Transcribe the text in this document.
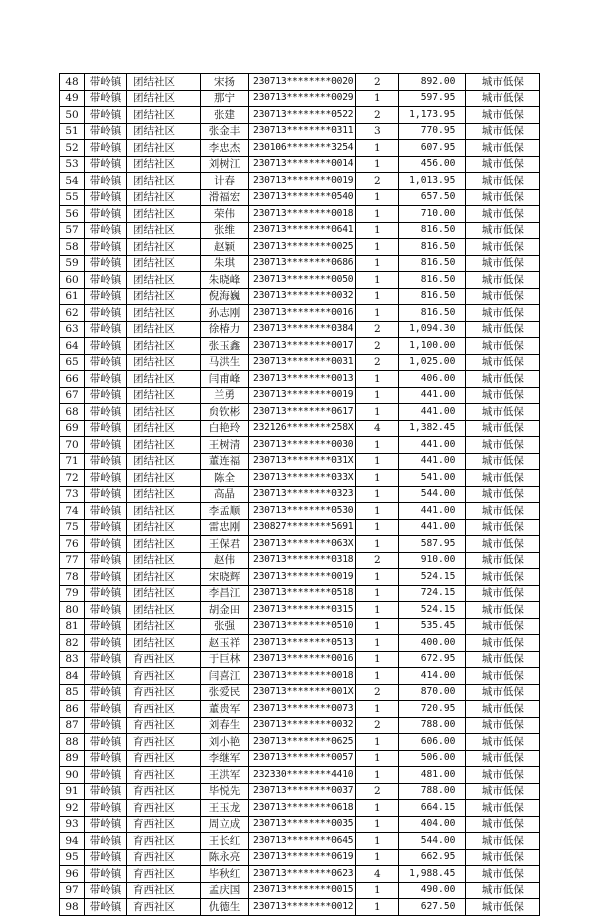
48	带岭镇	团结社区	宋扬	230713********0020	2	892.00	城市低保
49	带岭镇	团结社区	那宁	230713********0029	1	597.95	城市低保
50	带岭镇	团结社区	张建	230713********0522	2	1,173.95	城市低保
51	带岭镇	团结社区	张金丰	230713********0311	3	770.95	城市低保
52	带岭镇	团结社区	李忠杰	230106********3254	1	607.95	城市低保
53	带岭镇	团结社区	刘树江	230713********0014	1	456.00	城市低保
54	带岭镇	团结社区	计春	230713********0019	2	1,013.95	城市低保
55	带岭镇	团结社区	滑福宏	230713********0540	1	657.50	城市低保
56	带岭镇	团结社区	荣伟	230713********0018	1	710.00	城市低保
57	带岭镇	团结社区	张维	230713********0641	1	816.50	城市低保
58	带岭镇	团结社区	赵颖	230713********0025	1	816.50	城市低保
59	带岭镇	团结社区	朱琪	230713********0686	1	816.50	城市低保
60	带岭镇	团结社区	朱晓峰	230713********0050	1	816.50	城市低保
61	带岭镇	团结社区	倪海巍	230713********0032	1	816.50	城市低保
62	带岭镇	团结社区	孙志刚	230713********0016	1	816.50	城市低保
63	带岭镇	团结社区	徐椿力	230713********0384	2	1,094.30	城市低保
64	带岭镇	团结社区	张玉鑫	230713********0017	2	1,100.00	城市低保
65	带岭镇	团结社区	马洪生	230713********0031	2	1,025.00	城市低保
66	带岭镇	团结社区	闫甫峰	230713********0013	1	406.00	城市低保
67	带岭镇	团结社区	兰勇	230713********0019	1	441.00	城市低保
68	带岭镇	团结社区	贠钦彬	230713********0617	1	441.00	城市低保
69	带岭镇	团结社区	白艳玲	232126********258X	4	1,382.45	城市低保
70	带岭镇	团结社区	王树清	230713********0030	1	441.00	城市低保
71	带岭镇	团结社区	董连福	230713********031X	1	441.00	城市低保
72	带岭镇	团结社区	陈全	230713********033X	1	541.00	城市低保
73	带岭镇	团结社区	高晶	230713********0323	1	544.00	城市低保
74	带岭镇	团结社区	李孟顺	230713********0530	1	441.00	城市低保
75	带岭镇	团结社区	雷忠刚	230827********5691	1	441.00	城市低保
76	带岭镇	团结社区	王保君	230713********063X	1	587.95	城市低保
77	带岭镇	团结社区	赵伟	230713********0318	2	910.00	城市低保
78	带岭镇	团结社区	宋晓辉	230713********0019	1	524.15	城市低保
79	带岭镇	团结社区	李昌江	230713********0518	1	724.15	城市低保
80	带岭镇	团结社区	胡金田	230713********0315	1	524.15	城市低保
81	带岭镇	团结社区	张强	230713********0510	1	535.45	城市低保
82	带岭镇	团结社区	赵玉祥	230713********0513	1	400.00	城市低保
83	带岭镇	育西社区	于巨林	230713********0016	1	672.95	城市低保
84	带岭镇	育西社区	闫喜江	230713********0018	1	414.00	城市低保
85	带岭镇	育西社区	张爱民	230713********001X	2	870.00	城市低保
86	带岭镇	育西社区	董贵军	230713********0073	1	720.95	城市低保
87	带岭镇	育西社区	刘春生	230713********0032	2	788.00	城市低保
88	带岭镇	育西社区	刘小艳	230713********0625	1	606.00	城市低保
89	带岭镇	育西社区	李继军	230713********0057	1	506.00	城市低保
90	带岭镇	育西社区	王洪军	232330********4410	1	481.00	城市低保
91	带岭镇	育西社区	毕悦先	230713********0037	2	788.00	城市低保
92	带岭镇	育西社区	王玉龙	230713********0618	1	664.15	城市低保
93	带岭镇	育西社区	周立成	230713********0035	1	404.00	城市低保
94	带岭镇	育西社区	王长红	230713********0645	1	544.00	城市低保
95	带岭镇	育西社区	陈永亮	230713********0619	1	662.95	城市低保
96	带岭镇	育西社区	毕秋红	230713********0623	4	1,988.45	城市低保
97	带岭镇	育西社区	孟庆国	230713********0015	1	490.00	城市低保
98	带岭镇	育西社区	仇德生	230713********0012	1	627.50	城市低保
